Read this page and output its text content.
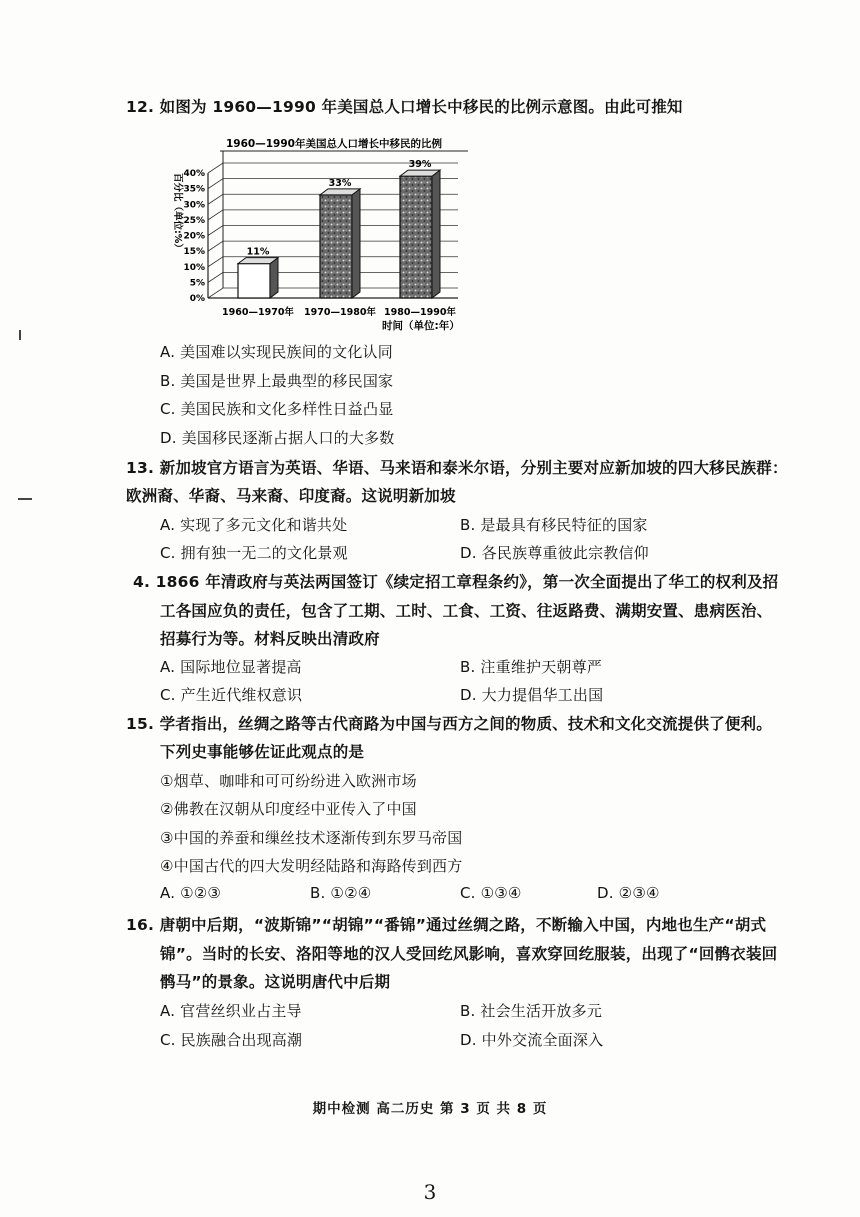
12. 如图为 1960—1990 年美国总人口增长中移民的比例示意图。由此可推知
1960—1990年美国总人口增长中移民的比例
0%
5%
10%
15%
20%
25%
30%
35%
40%
百分比（单位:%）	11%
33%
39%
1960—1970年 1970—1980年 1980—1990年
时间（单位:年）
A. 美国难以实现民族间的文化认同
B. 美国是世界上最典型的移民国家
C. 美国民族和文化多样性日益凸显
D. 美国移民逐渐占据人口的大多数
13. 新加坡官方语言为英语、华语、马来语和泰米尔语，分别主要对应新加坡的四大移民族群：
欧洲裔、华裔、马来裔、印度裔。这说明新加坡
A. 实现了多元文化和谐共处	B. 是最具有移民特征的国家
C. 拥有独一无二的文化景观	D. 各民族尊重彼此宗教信仰
4. 1866 年清政府与英法两国签订《续定招工章程条约》，第一次全面提出了华工的权利及招
工各国应负的责任，包含了工期、工时、工食、工资、往返路费、满期安置、患病医治、
招募行为等。材料反映出清政府
A. 国际地位显著提高	B. 注重维护天朝尊严
C. 产生近代维权意识	D. 大力提倡华工出国
15. 学者指出，丝绸之路等古代商路为中国与西方之间的物质、技术和文化交流提供了便利。
下列史事能够佐证此观点的是
①烟草、咖啡和可可纷纷进入欧洲市场
②佛教在汉朝从印度经中亚传入了中国
③中国的养蚕和缫丝技术逐渐传到东罗马帝国
④中国古代的四大发明经陆路和海路传到西方
A. ①②③	B. ①②④	C. ①③④	D. ②③④
16. 唐朝中后期，“波斯锦”“胡锦”“番锦”通过丝绸之路，不断输入中国，内地也生产“胡式
锦”。当时的长安、洛阳等地的汉人受回纥风影响，喜欢穿回纥服装，出现了“回鹘衣装回
鹘马”的景象。这说明唐代中后期
A. 官营丝织业占主导	B. 社会生活开放多元
C. 民族融合出现高潮	D. 中外交流全面深入
期中检测 高二历史 第 3 页 共 8 页
3
